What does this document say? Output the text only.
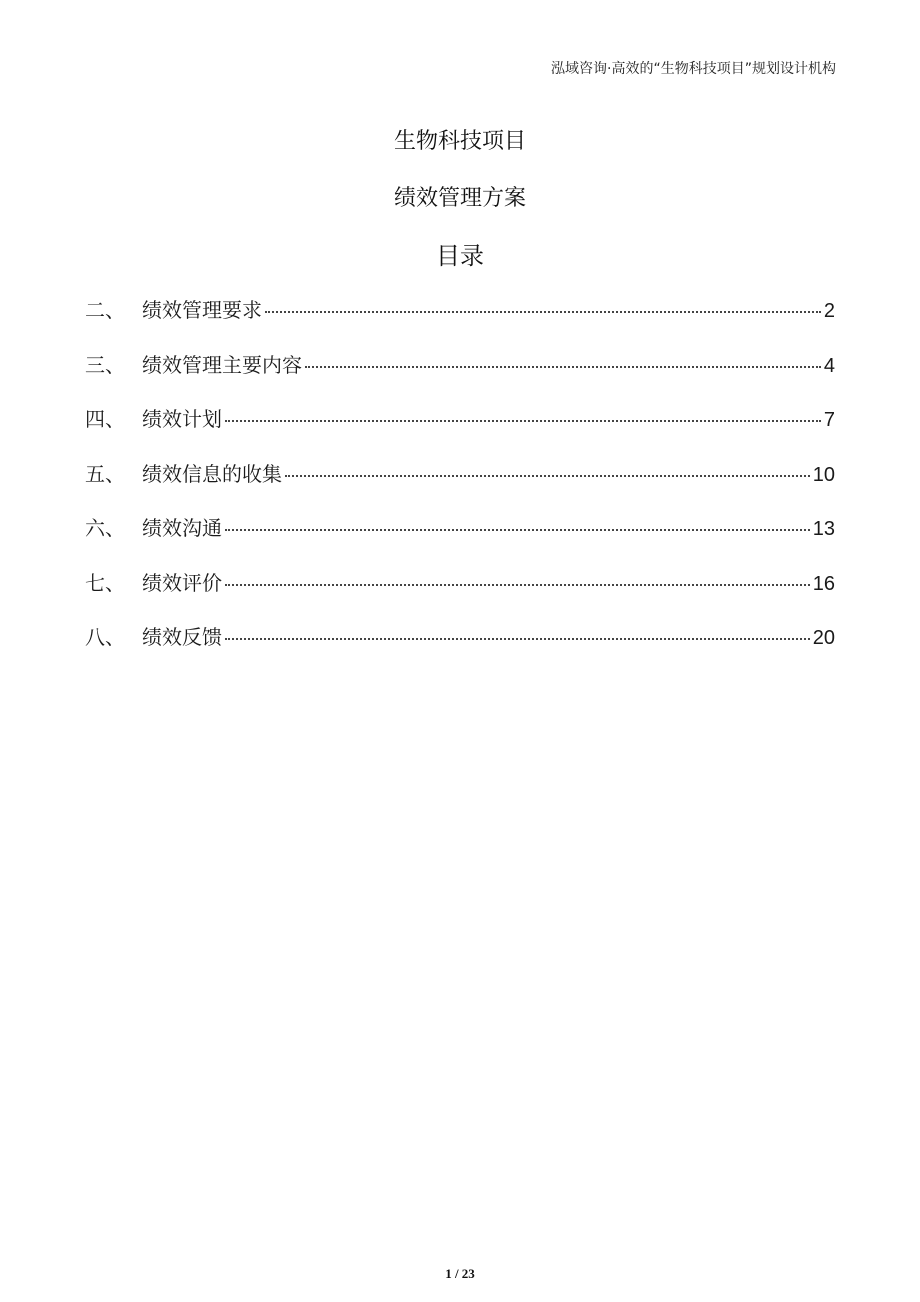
泓域咨询·高效的“生物科技项目”规划设计机构
生物科技项目
绩效管理方案
目录
二、 绩效管理要求	2
三、 绩效管理主要内容	4
四、 绩效计划	7
五、 绩效信息的收集	10
六、 绩效沟通	13
七、 绩效评价	16
八、 绩效反馈	20
1 / 23
